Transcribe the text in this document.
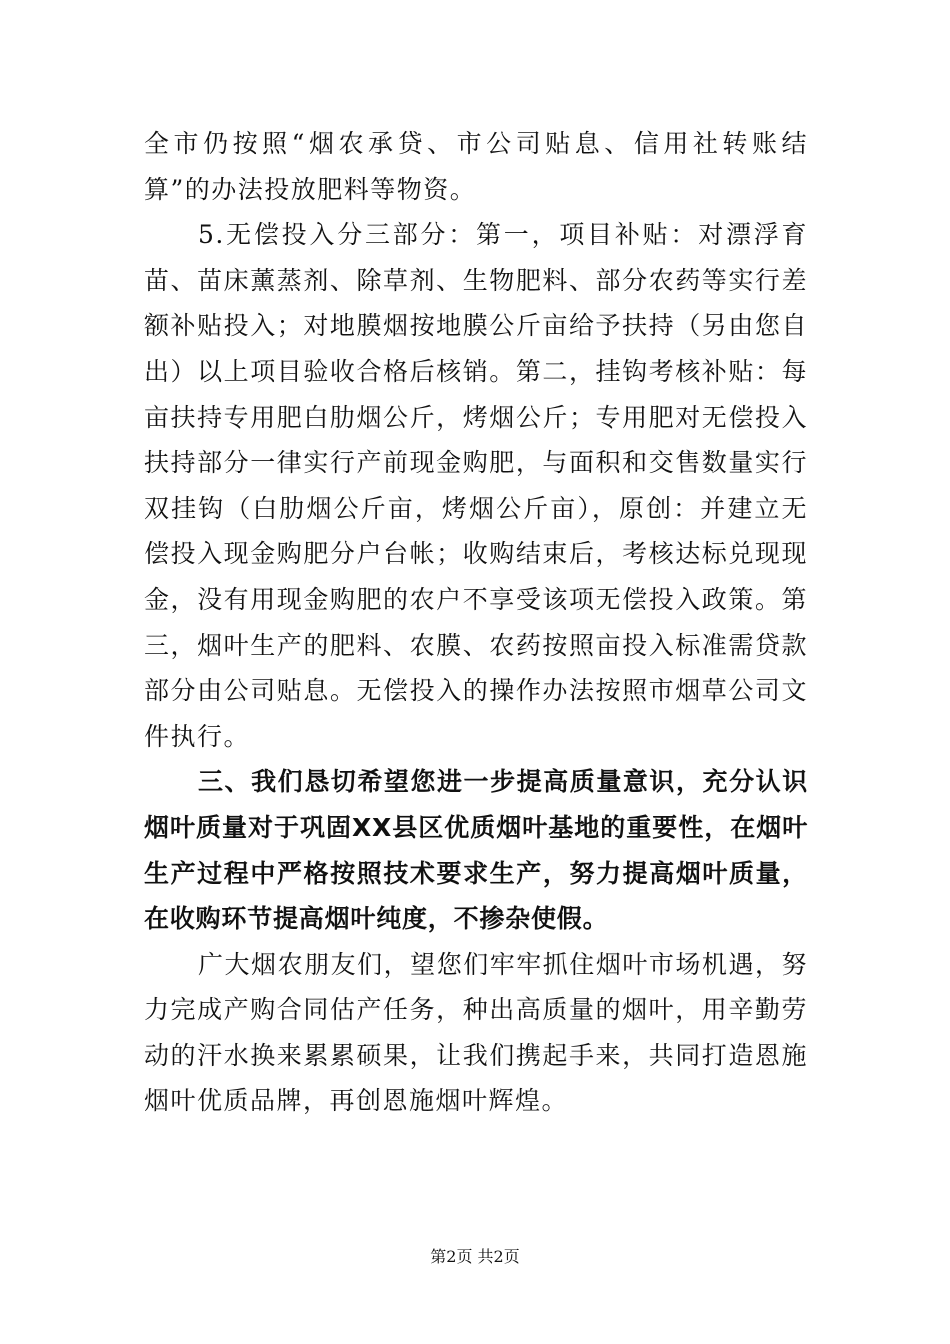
全市仍按照“烟农承贷、市公司贴息、信用社转账结算”的办法投放肥料等物资。

5.无偿投入分三部分：第一，项目补贴：对漂浮育苗、苗床薰蒸剂、除草剂、生物肥料、部分农药等实行差额补贴投入；对地膜烟按地膜公斤亩给予扶持（另由您自出）以上项目验收合格后核销。第二，挂钩考核补贴：每亩扶持专用肥白肋烟公斤，烤烟公斤；专用肥对无偿投入扶持部分一律实行产前现金购肥，与面积和交售数量实行双挂钩（白肋烟公斤亩，烤烟公斤亩），原创：并建立无偿投入现金购肥分户台帐；收购结束后，考核达标兑现现金，没有用现金购肥的农户不享受该项无偿投入政策。第三，烟叶生产的肥料、农膜、农药按照亩投入标准需贷款部分由公司贴息。无偿投入的操作办法按照市烟草公司文件执行。

三、我们恳切希望您进一步提高质量意识，充分认识烟叶质量对于巩固XX县区优质烟叶基地的重要性，在烟叶生产过程中严格按照技术要求生产，努力提高烟叶质量，在收购环节提高烟叶纯度，不掺杂使假。

广大烟农朋友们，望您们牢牢抓住烟叶市场机遇，努力完成产购合同估产任务，种出高质量的烟叶，用辛勤劳动的汗水换来累累硕果，让我们携起手来，共同打造恩施烟叶优质品牌，再创恩施烟叶辉煌。

第2页 共2页
